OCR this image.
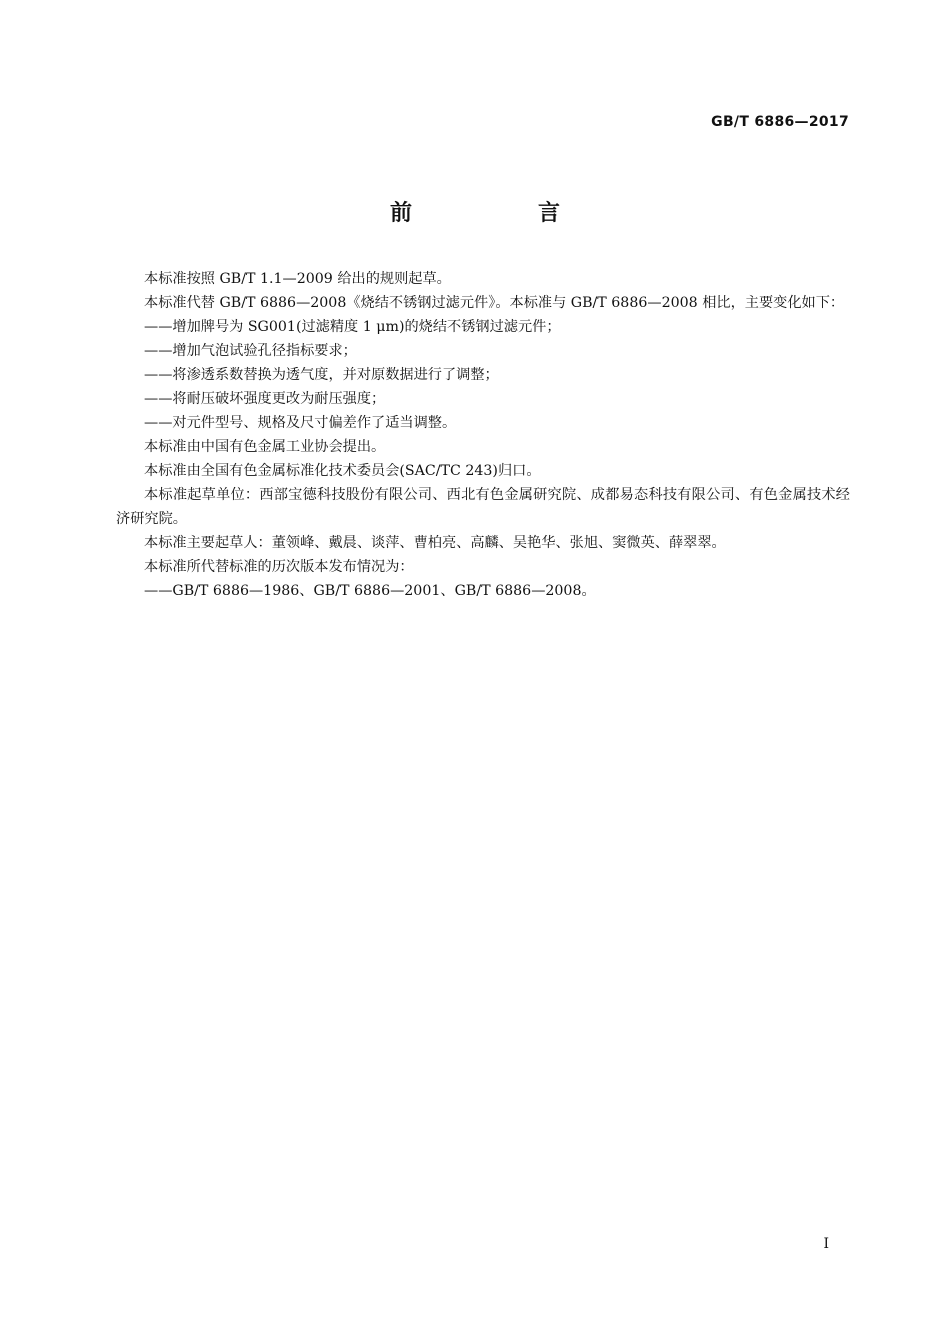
GB/T 6886—2017
前　言

本标准按照 GB/T 1.1—2009 给出的规则起草。

本标准代替 GB/T 6886—2008《烧结不锈钢过滤元件》。本标准与 GB/T 6886—2008 相比，主要变化如下：

——增加牌号为 SG001(过滤精度 1 μm)的烧结不锈钢过滤元件；

——增加气泡试验孔径指标要求；

——将渗透系数替换为透气度，并对原数据进行了调整；

——将耐压破坏强度更改为耐压强度；

——对元件型号、规格及尺寸偏差作了适当调整。

本标准由中国有色金属工业协会提出。

本标准由全国有色金属标准化技术委员会(SAC/TC 243)归口。

本标准起草单位：西部宝德科技股份有限公司、西北有色金属研究院、成都易态科技有限公司、有色金属技术经济研究院。

本标准主要起草人：董领峰、戴晨、谈萍、曹柏亮、高麟、吴艳华、张旭、窦微英、薛翠翠。

本标准所代替标准的历次版本发布情况为：

——GB/T 6886—1986、GB/T 6886—2001、GB/T 6886—2008。

I
